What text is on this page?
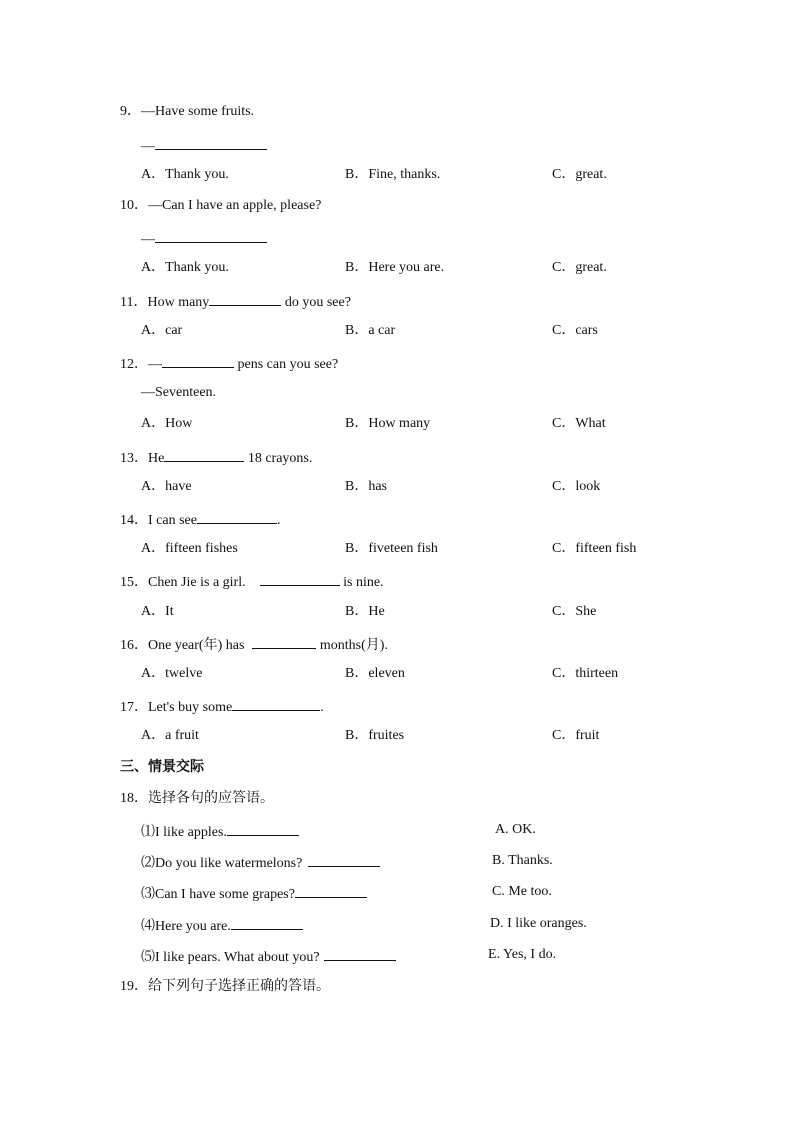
9．—Have some fruits.
—
A．Thank you.	B．Fine, thanks.	C．great.
10．—Can I have an apple, please?
—
A．Thank you.	B．Here you are.	C．great.
11．How many	do you see?
A．car	B．a car	C．cars
12．—	pens can you see?
—Seventeen.
A．How	B．How many	C．What
13．He	18 crayons.
A．have	B．has	C．look
14．I can see	.
A．fifteen fishes	B．fiveteen fish	C．fifteen fish
15．Chen Jie is a girl.	is nine.
A．It	B．He	C．She
16．One year(年) has	months(月).
A．twelve	B．eleven	C．thirteen
17．Let's buy some	.
A．a fruit	B．fruites	C．fruit
三、情景交际
18．选择各句的应答语。
⑴I like apples.	A. OK.
⑵Do you like watermelons?	B. Thanks.
⑶Can I have some grapes?	C. Me too.
⑷Here you are.	D. I like oranges.
⑸I like pears. What about you?	E. Yes, I do.
19．给下列句子选择正确的答语。
